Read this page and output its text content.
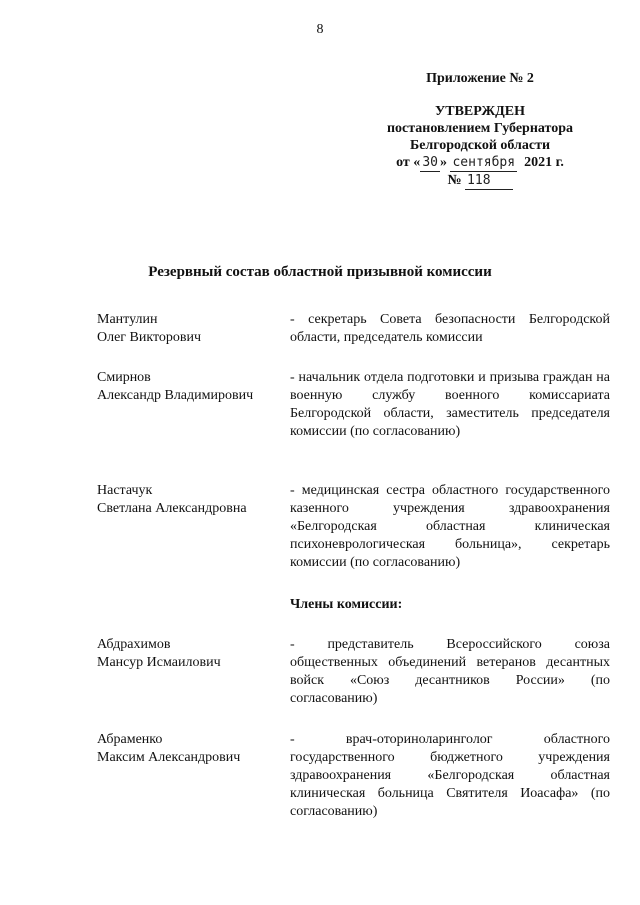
8
Приложение № 2
УТВЕРЖДЕН
постановлением Губернатора
Белгородской области
от « 30 » сентября 2021 г.
№ 118
Резервный состав областной призывной комиссии
Мантулин
Олег Викторович
- секретарь Совета безопасности Белгородской области, председатель комиссии
Смирнов
Александр Владимирович
- начальник отдела подготовки и призыва граждан на военную службу военного комиссариата Белгородской области, заместитель председателя комиссии (по согласованию)
Настачук
Светлана Александровна
- медицинская сестра областного государственного казенного учреждения здравоохранения «Белгородская областная клиническая психоневрологическая больница», секретарь комиссии (по согласованию)
Члены комиссии:
Абдрахимов
Мансур Исмаилович
- представитель Всероссийского союза общественных объединений ветеранов десантных войск «Союз десантников России» (по согласованию)
Абраменко
Максим Александрович
- врач-оториноларинголог областного государственного бюджетного учреждения здравоохранения «Белгородская областная клиническая больница Святителя Иоасафа» (по согласованию)
